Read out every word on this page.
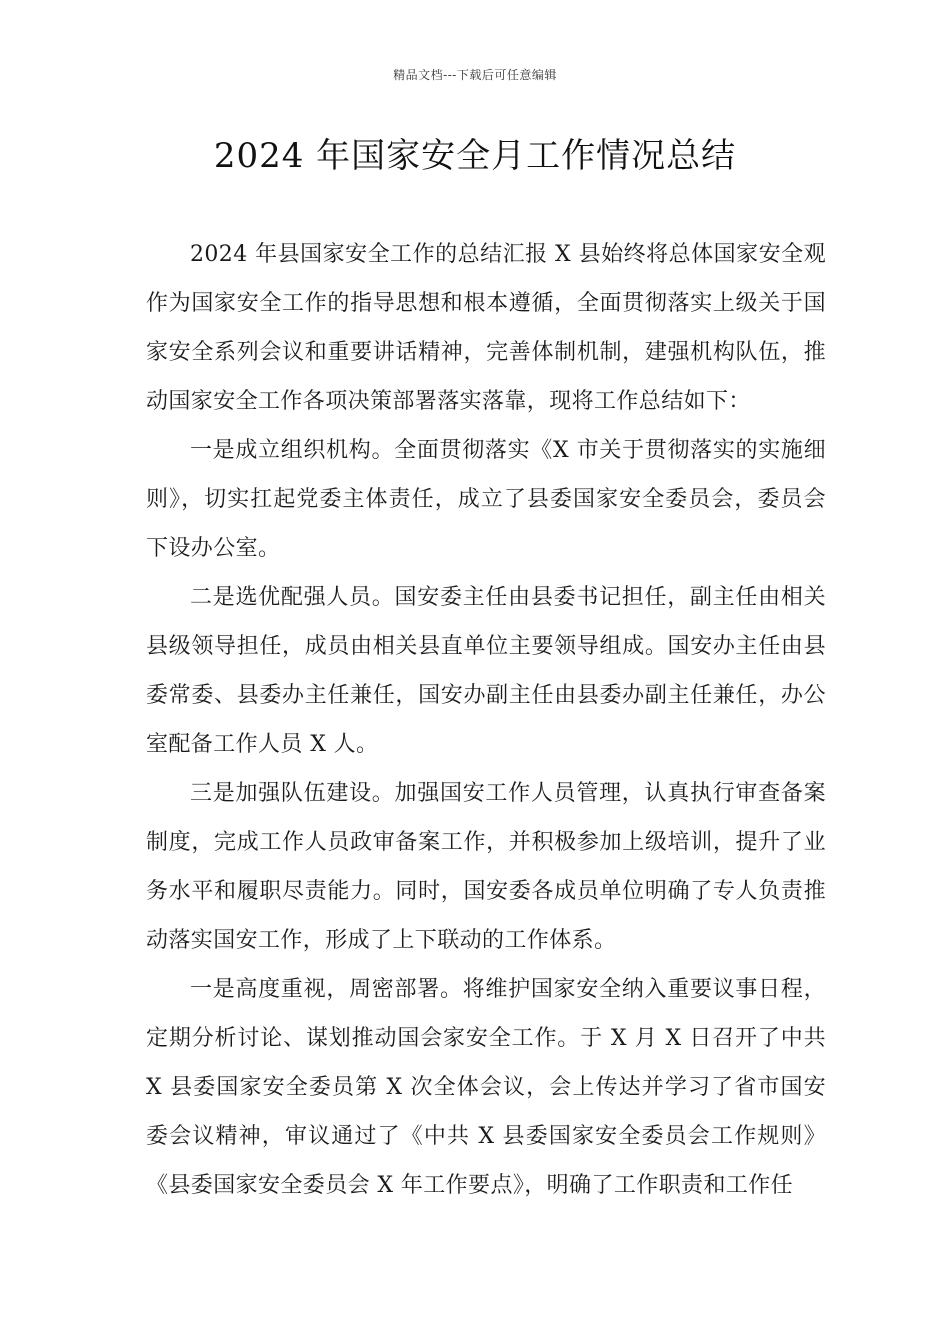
精品文档---下载后可任意编辑
2024 年国家安全月工作情况总结

2024 年县国家安全工作的总结汇报 X 县始终将总体国家安全观作为国家安全工作的指导思想和根本遵循，全面贯彻落实上级关于国家安全系列会议和重要讲话精神，完善体制机制，建强机构队伍，推动国家安全工作各项决策部署落实落靠，现将工作总结如下：

一是成立组织机构。全面贯彻落实《X 市关于贯彻落实的实施细则》，切实扛起党委主体责任，成立了县委国家安全委员会，委员会下设办公室。

二是选优配强人员。国安委主任由县委书记担任，副主任由相关县级领导担任，成员由相关县直单位主要领导组成。国安办主任由县委常委、县委办主任兼任，国安办副主任由县委办副主任兼任，办公室配备工作人员 X 人。

三是加强队伍建设。加强国安工作人员管理，认真执行审查备案制度，完成工作人员政审备案工作，并积极参加上级培训，提升了业务水平和履职尽责能力。同时，国安委各成员单位明确了专人负责推动落实国安工作，形成了上下联动的工作体系。

一是高度重视，周密部署。将维护国家安全纳入重要议事日程，定期分析讨论、谋划推动国会家安全工作。于 X 月 X 日召开了中共 X 县委国家安全委员第 X 次全体会议，会上传达并学习了省市国安委会议精神，审议通过了《中共 X 县委国家安全委员会工作规则》《县委国家安全委员会 X 年工作要点》，明确了工作职责和工作任
